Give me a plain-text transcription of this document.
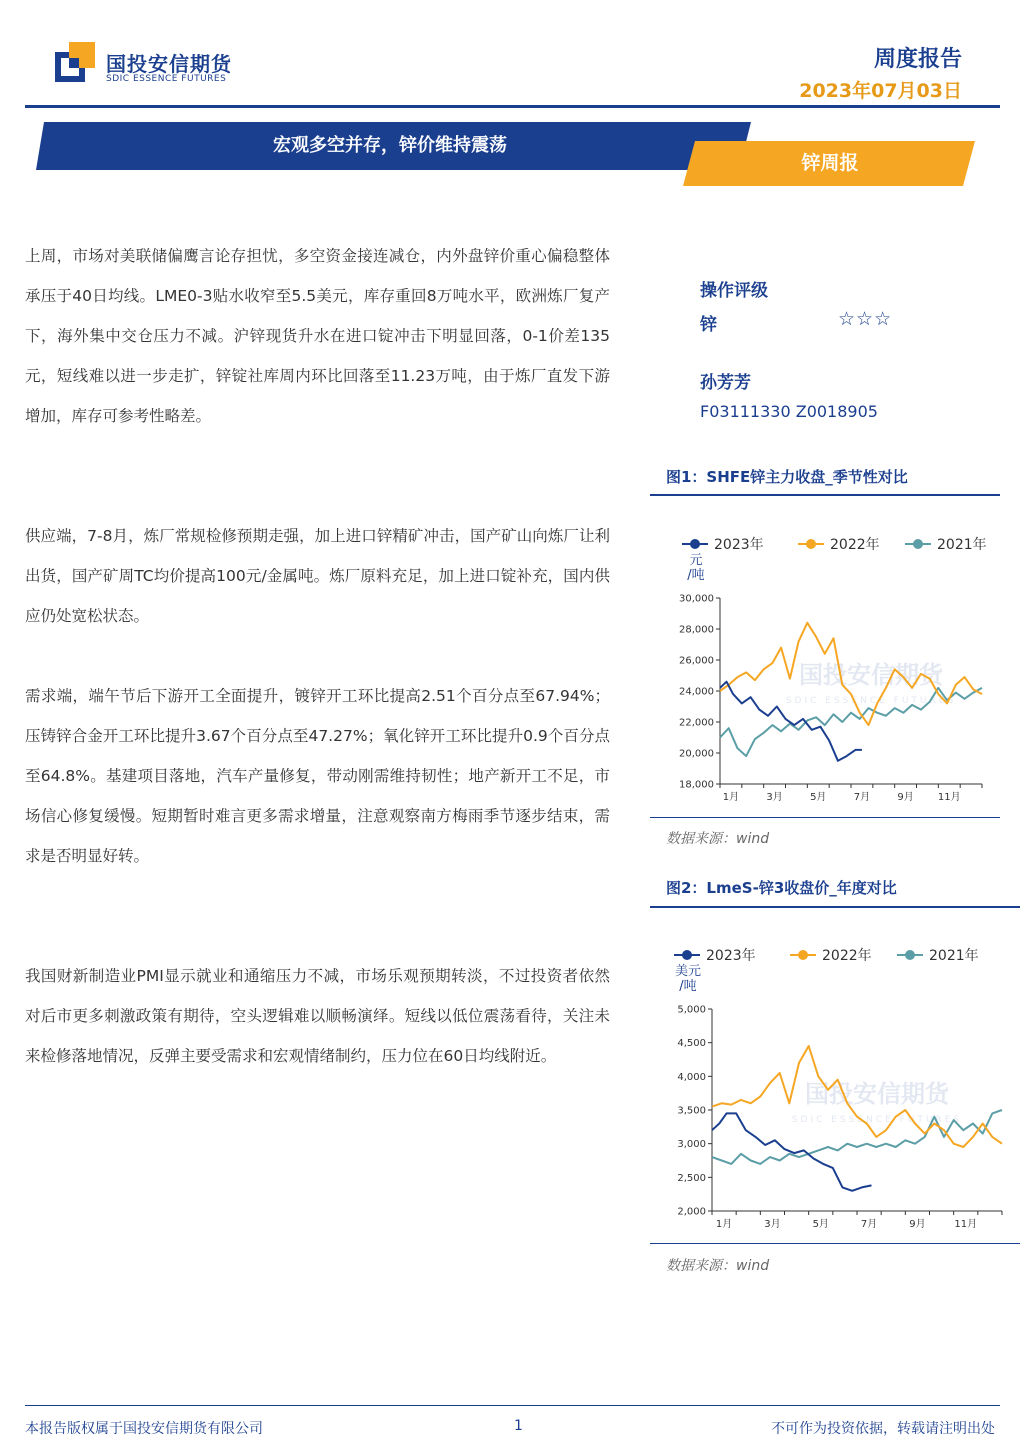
国投安信期货
SDIC ESSENCE FUTURES
周度报告
2023年07月03日
宏观多空并存，锌价维持震荡
锌周报
上周，市场对美联储偏鹰言论存担忧，多空资金接连减仓，内外盘锌价重心偏稳整体承压于40日均线。LME0-3贴水收窄至5.5美元，库存重回8万吨水平，欧洲炼厂复产下，海外集中交仓压力不减。沪锌现货升水在进口锭冲击下明显回落，0-1价差135元，短线难以进一步走扩，锌锭社库周内环比回落至11.23万吨，由于炼厂直发下游增加，库存可参考性略差。
供应端，7-8月，炼厂常规检修预期走强，加上进口锌精矿冲击，国产矿山向炼厂让利出货，国产矿周TC均价提高100元/金属吨。炼厂原料充足，加上进口锭补充，国内供应仍处宽松状态。
需求端，端午节后下游开工全面提升，镀锌开工环比提高2.51个百分点至67.94%；压铸锌合金开工环比提升3.67个百分点至47.27%；氧化锌开工环比提升0.9个百分点至64.8%。基建项目落地，汽车产量修复，带动刚需维持韧性；地产新开工不足，市场信心修复缓慢。短期暂时难言更多需求增量，注意观察南方梅雨季节逐步结束，需求是否明显好转。
我国财新制造业PMI显示就业和通缩压力不减，市场乐观预期转淡，不过投资者依然对后市更多刺激政策有期待，空头逻辑难以顺畅演绎。短线以低位震荡看待，关注未来检修落地情况，反弹主要受需求和宏观情绪制约，压力位在60日均线附近。
操作评级
锌	☆☆☆
孙芳芳
F03111330 Z0018905
图1：SHFE锌主力收盘_季节性对比
国投安信期货
SDIC ESSENCE FUTURES
2023年	2022年	2021年
元
/吨
18,000
20,000
22,000
24,000
26,000
28,000
30,000
1月	3月	5月	7月	9月 11月
数据来源：wind
图2：LmeS-锌3收盘价_年度对比
国投安信期货
SDIC ESSENCE FUTURES
2023年	2022年	2021年
美元
/吨
2,000
2,500
3,000
3,500
4,000
4,500
5,000
1月	3月	5月	7月	9月	11月
数据来源：wind
本报告版权属于国投安信期货有限公司	1	不可作为投资依据，转载请注明出处
